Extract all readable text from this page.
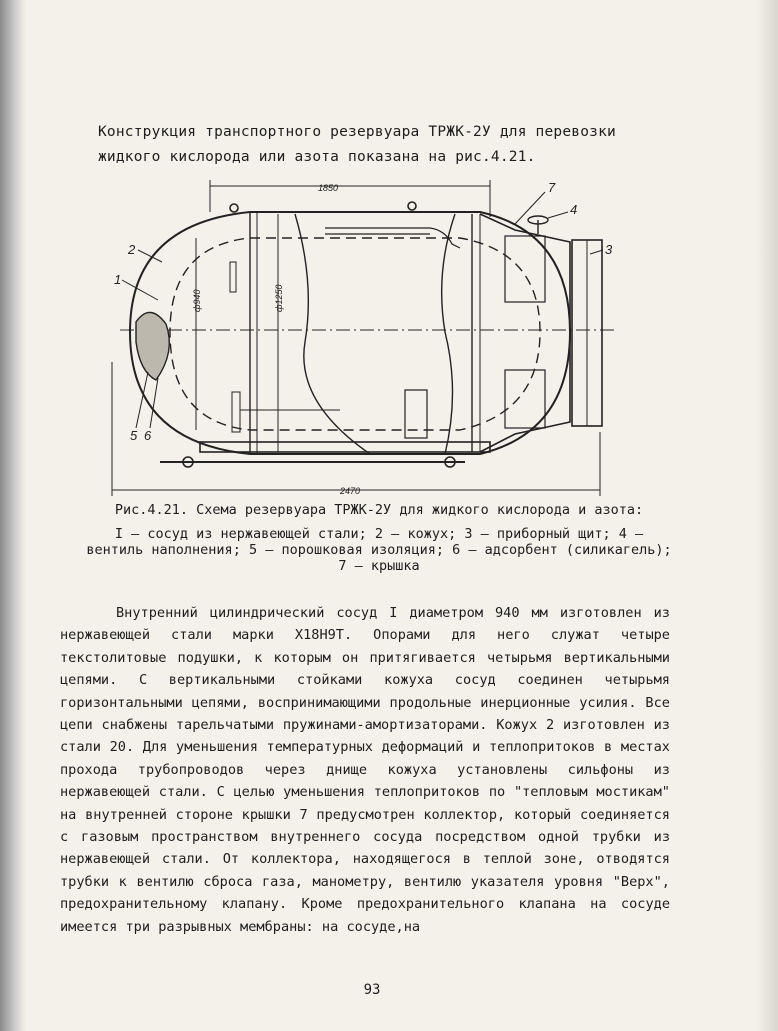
Конструкция транспортного резервуара ТРЖК-2У для перевозки жидкого кислорода или азота показана на рис.4.21.
1850
ф940	ф1250
2470
1
2	3
4
5 6
7
Рис.4.21. Схема резервуара ТРЖК-2У для жидкого кислорода и азота:
I – сосуд из нержавеющей стали; 2 – кожух; 3 – приборный щит; 4 – вентиль наполнения; 5 – порошковая изоляция; 6 – адсорбент (силикагель); 7 – крышка

Внутренний цилиндрический сосуд I диаметром 940 мм изготовлен из нержавеющей стали марки Х18Н9Т. Опорами для него служат четыре текстолитовые подушки, к которым он притягивается четырьмя вертикальными цепями. С вертикальными стойками кожуха сосуд соединен четырьмя горизонтальными цепями, воспринимающими продольные инерционные усилия. Все цепи снабжены тарельчатыми пружинами-амортизаторами. Кожух 2 изготовлен из стали 20. Для уменьшения температурных деформаций и теплопритоков в местах прохода трубопроводов через днище кожуха установлены сильфоны из нержавеющей стали. С целью уменьшения теплопритоков по "тепловым мостикам" на внутренней стороне крышки 7 предусмотрен коллектор, который соединяется с газовым пространством внутреннего сосуда посредством одной трубки из нержавеющей стали. От коллектора, находящегося в теплой зоне, отводятся трубки к вентилю сброса газа, манометру, вентилю указателя уровня "Верх", предохранительному клапану. Кроме предохранительного клапана на сосуде имеется три разрывных мембраны: на сосуде,на

93
